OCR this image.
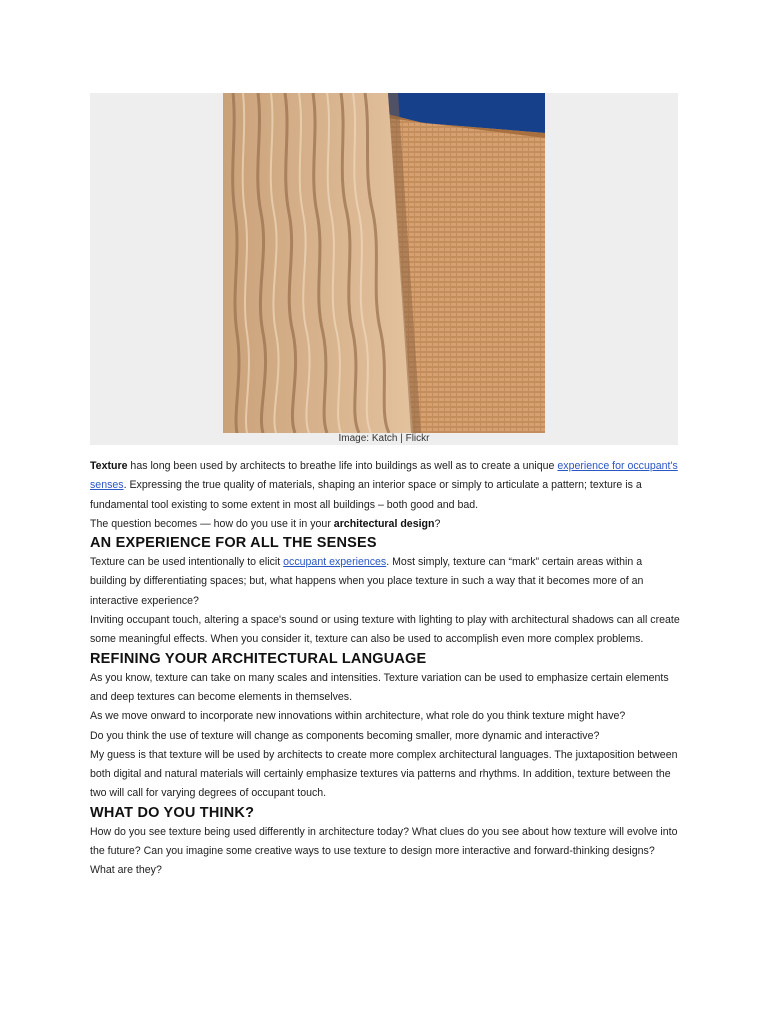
Image: Katch | Flickr

Texture has long been used by architects to breathe life into buildings as well as to create a unique experience for occupant's senses. Expressing the true quality of materials, shaping an interior space or simply to articulate a pattern; texture is a fundamental tool existing to some extent in most all buildings – both good and bad.

The question becomes — how do you use it in your architectural design?

AN EXPERIENCE FOR ALL THE SENSES

Texture can be used intentionally to elicit occupant experiences. Most simply, texture can “mark” certain areas within a building by differentiating spaces; but, what happens when you place texture in such a way that it becomes more of an interactive experience?

Inviting occupant touch, altering a space's sound or using texture with lighting to play with architectural shadows can all create some meaningful effects. When you consider it, texture can also be used to accomplish even more complex problems.

REFINING YOUR ARCHITECTURAL LANGUAGE

As you know, texture can take on many scales and intensities. Texture variation can be used to emphasize certain elements and deep textures can become elements in themselves.

As we move onward to incorporate new innovations within architecture, what role do you think texture might have?

Do you think the use of texture will change as components becoming smaller, more dynamic and interactive?

My guess is that texture will be used by architects to create more complex architectural languages. The juxtaposition between both digital and natural materials will certainly emphasize textures via patterns and rhythms. In addition, texture between the two will call for varying degrees of occupant touch.

WHAT DO YOU THINK?

How do you see texture being used differently in architecture today? What clues do you see about how texture will evolve into the future? Can you imagine some creative ways to use texture to design more interactive and forward-thinking designs? What are they?
